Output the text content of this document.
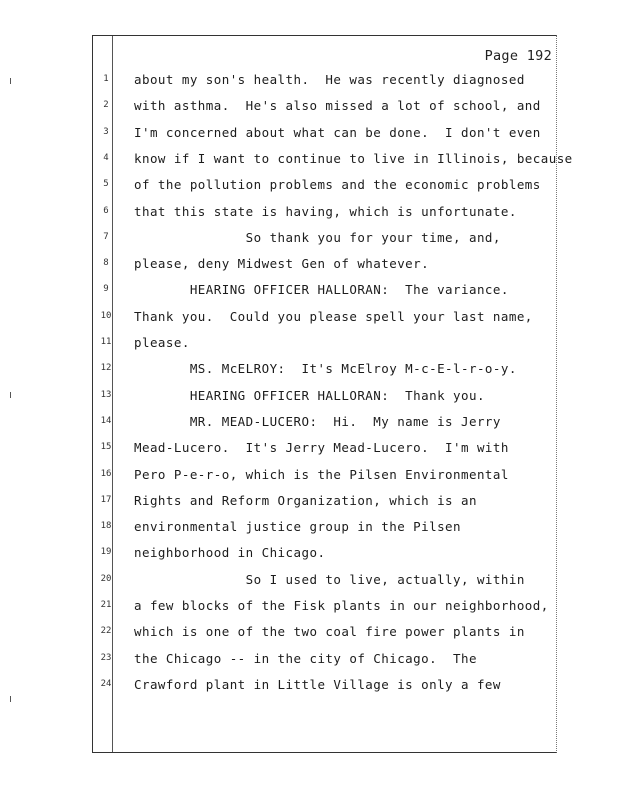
Page 192
1	about my son's health.  He was recently diagnosed
2	with asthma.  He's also missed a lot of school, and
3	I'm concerned about what can be done.  I don't even
4	know if I want to continue to live in Illinois, because
5	of the pollution problems and the economic problems
6	that this state is having, which is unfortunate.
7	So thank you for your time, and,
8	please, deny Midwest Gen of whatever.
9	HEARING OFFICER HALLORAN:  The variance.
10	Thank you.  Could you please spell your last name,
11	please.
12	MS. McELROY:  It's McElroy M-c-E-l-r-o-y.
13	HEARING OFFICER HALLORAN:  Thank you.
14	MR. MEAD-LUCERO:  Hi.  My name is Jerry
15	Mead-Lucero.  It's Jerry Mead-Lucero.  I'm with
16	Pero P-e-r-o, which is the Pilsen Environmental
17	Rights and Reform Organization, which is an
18	environmental justice group in the Pilsen
19	neighborhood in Chicago.
20	So I used to live, actually, within
21	a few blocks of the Fisk plants in our neighborhood,
22	which is one of the two coal fire power plants in
23	the Chicago -- in the city of Chicago.  The
24	Crawford plant in Little Village is only a few
